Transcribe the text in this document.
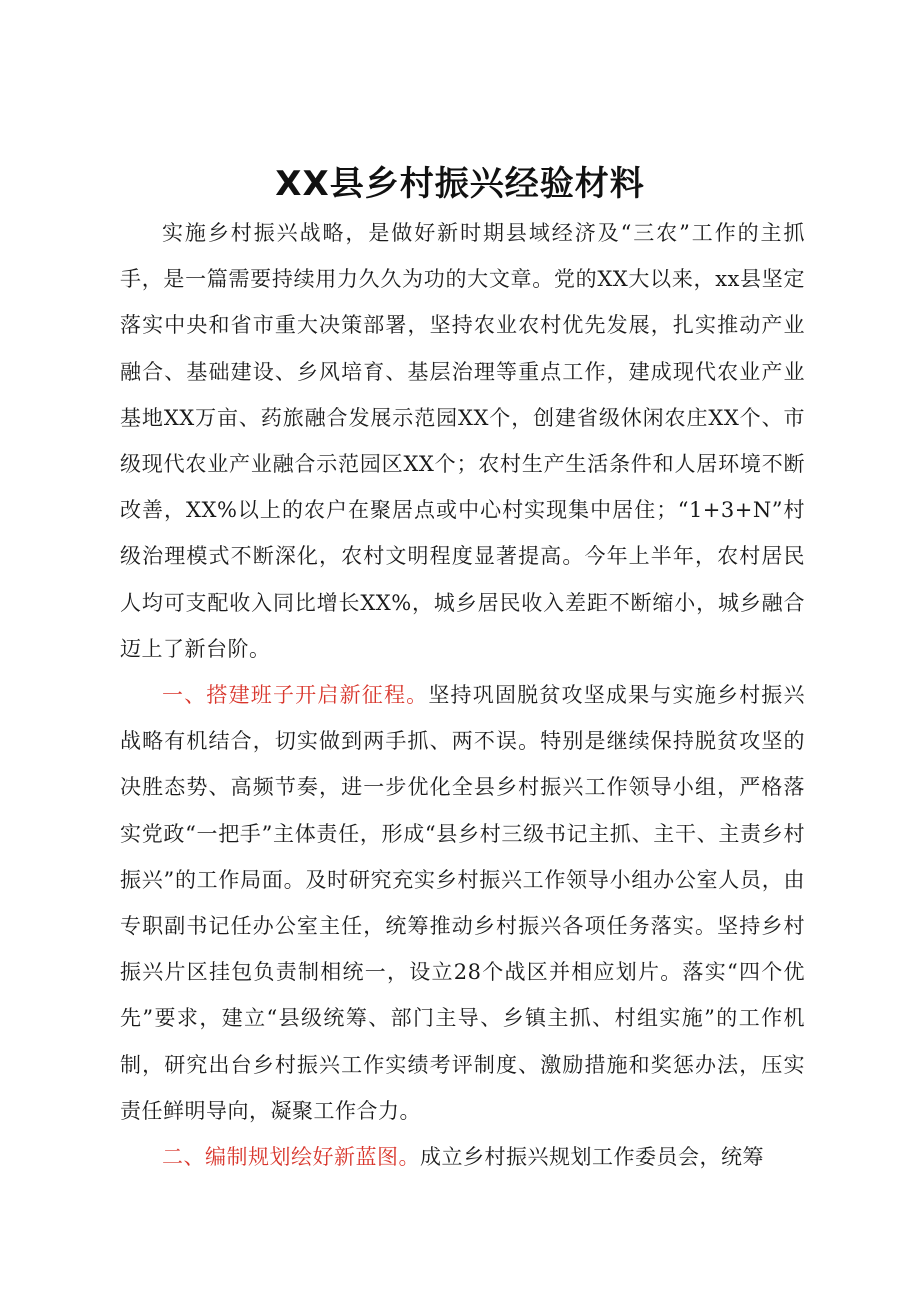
XX县乡村振兴经验材料

实施乡村振兴战略，是做好新时期县域经济及“三农”工作的主抓手，是一篇需要持续用力久久为功的大文章。党的XX大以来，xx县坚定落实中央和省市重大决策部署，坚持农业农村优先发展，扎实推动产业融合、基础建设、乡风培育、基层治理等重点工作，建成现代农业产业基地XX万亩、药旅融合发展示范园XX个，创建省级休闲农庄XX个、市级现代农业产业融合示范园区XX个；农村生产生活条件和人居环境不断改善，XX%以上的农户在聚居点或中心村实现集中居住；“1+3+N”村级治理模式不断深化，农村文明程度显著提高。今年上半年，农村居民人均可支配收入同比增长XX%，城乡居民收入差距不断缩小，城乡融合迈上了新台阶。

一、搭建班子开启新征程。坚持巩固脱贫攻坚成果与实施乡村振兴战略有机结合，切实做到两手抓、两不误。特别是继续保持脱贫攻坚的决胜态势、高频节奏，进一步优化全县乡村振兴工作领导小组，严格落实党政“一把手”主体责任，形成“县乡村三级书记主抓、主干、主责乡村振兴”的工作局面。及时研究充实乡村振兴工作领导小组办公室人员，由专职副书记任办公室主任，统筹推动乡村振兴各项任务落实。坚持乡村振兴片区挂包负责制相统一，设立28个战区并相应划片。落实“四个优先”要求，建立“县级统筹、部门主导、乡镇主抓、村组实施”的工作机制，研究出台乡村振兴工作实绩考评制度、激励措施和奖惩办法，压实责任鲜明导向，凝聚工作合力。

二、编制规划绘好新蓝图。成立乡村振兴规划工作委员会，统筹
